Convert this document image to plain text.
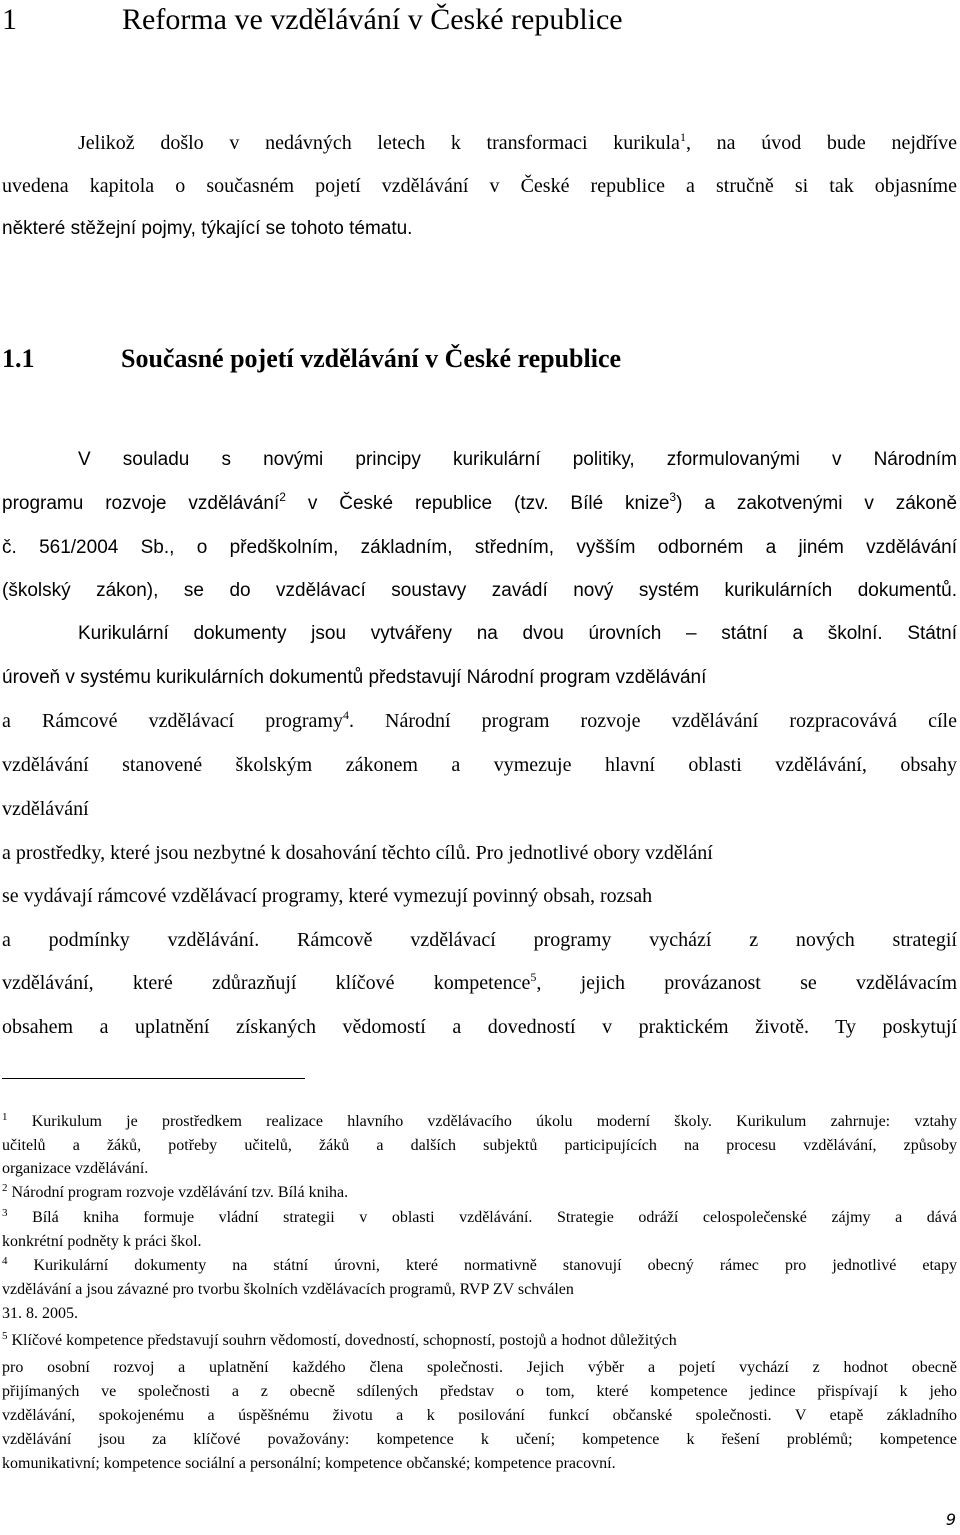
1	Reforma ve vzdělávání v České republice
Jelikož došlo v nedávných letech k transformaci kurikula$^1$, na úvod bude nejdříve
uvedena kapitola o současném pojetí vzdělávání v České republice a stručně si tak objasníme
některé stěžejní pojmy, týkající se tohoto tématu.
1.1	Současné pojetí vzdělávání v České republice
V souladu s novými principy kurikulární politiky, zformulovanými v Národním
programu rozvoje vzdělávání$^2$ v České republice (tzv. Bílé knize$^3$) a zakotvenými v zákoně
č. 561/2004 Sb., o předškolním, základním, středním, vyšším odborném a jiném vzdělávání
(školský zákon), se do vzdělávací soustavy zavádí nový systém kurikulárních dokumentů.
Kurikulární dokumenty jsou vytvářeny na dvou úrovních – státní a školní. Státní
úroveň v systému kurikulárních dokumentů představují Národní program vzdělávání
a Rámcové vzdělávací programy$^4$. Národní program rozvoje vzdělávání rozpracovává cíle
vzdělávání stanovené školským zákonem a vymezuje hlavní oblasti vzdělávání, obsahy
vzdělávání
a prostředky, které jsou nezbytné k dosahování těchto cílů. Pro jednotlivé obory vzdělání
se vydávají rámcové vzdělávací programy, které vymezují povinný obsah, rozsah
a podmínky vzdělávání. Rámcově vzdělávací programy vychází z nových strategií
vzdělávání, které zdůrazňují klíčové kompetence$^5$, jejich provázanost se vzdělávacím
obsahem a uplatnění získaných vědomostí a dovedností v praktickém životě. Ty poskytují
$^1$ Kurikulum je prostředkem realizace hlavního vzdělávacího úkolu moderní školy. Kurikulum zahrnuje: vztahy
učitelů a žáků, potřeby učitelů, žáků a dalších subjektů participujících na procesu vzdělávání, způsoby
organizace vzdělávání.
$^2$ Národní program rozvoje vzdělávání tzv. Bílá kniha.
$^3$ Bílá kniha formuje vládní strategii v oblasti vzdělávání. Strategie odráží celospolečenské zájmy a dává
konkrétní podněty k práci škol.
$^4$ Kurikulární dokumenty na státní úrovni, které normativně stanovují obecný rámec pro jednotlivé etapy
vzdělávání a jsou závazné pro tvorbu školních vzdělávacích programů, RVP ZV schválen
31. 8. 2005.
$^5$ Klíčové kompetence představují souhrn vědomostí, dovedností, schopností, postojů a hodnot důležitých
pro osobní rozvoj a uplatnění každého člena společnosti. Jejich výběr a pojetí vychází z hodnot obecně
přijímaných ve společnosti a z obecně sdílených představ o tom, které kompetence jedince přispívají k jeho
vzdělávání, spokojenému a úspěšnému životu a k posilování funkcí občanské společnosti. V etapě základního
vzdělávání jsou za klíčové považovány: kompetence k učení; kompetence k řešení problémů; kompetence
komunikativní; kompetence sociální a personální; kompetence občanské; kompetence pracovní.
9
